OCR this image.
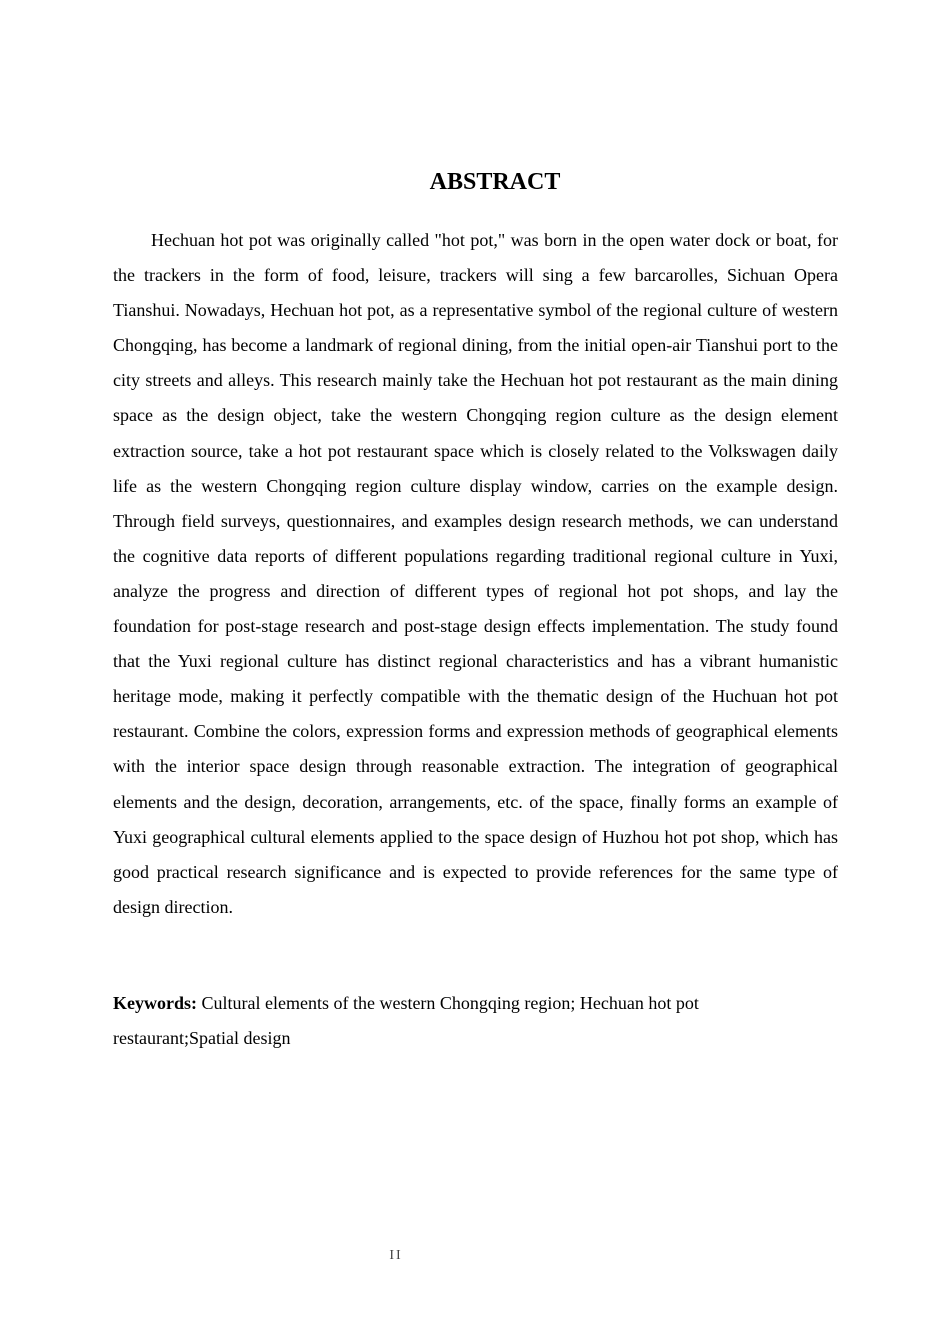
ABSTRACT

Hechuan hot pot was originally called "hot pot," was born in the open water dock or boat, for the trackers in the form of food, leisure, trackers will sing a few barcarolles, Sichuan Opera Tianshui. Nowadays, Hechuan hot pot, as a representative symbol of the regional culture of western Chongqing, has become a landmark of regional dining, from the initial open-air Tianshui port to the city streets and alleys. This research mainly take the Hechuan hot pot restaurant as the main dining space as the design object, take the western Chongqing region culture as the design element extraction source, take a hot pot restaurant space which is closely related to the Volkswagen daily life as the western Chongqing region culture display window, carries on the example design. Through field surveys, questionnaires, and examples design research methods, we can understand the cognitive data reports of different populations regarding traditional regional culture in Yuxi, analyze the progress and direction of different types of regional hot pot shops, and lay the foundation for post-stage research and post-stage design effects implementation. The study found that the Yuxi regional culture has distinct regional characteristics and has a vibrant humanistic heritage mode, making it perfectly compatible with the thematic design of the Huchuan hot pot restaurant. Combine the colors, expression forms and expression methods of geographical elements with the interior space design through reasonable extraction. The integration of geographical elements and the design, decoration, arrangements, etc. of the space, finally forms an example of Yuxi geographical cultural elements applied to the space design of Huzhou hot pot shop, which has good practical research significance and is expected to provide references for the same type of design direction.

Keywords: Cultural elements of the western Chongqing region; Hechuan hot pot restaurant;Spatial design

II
